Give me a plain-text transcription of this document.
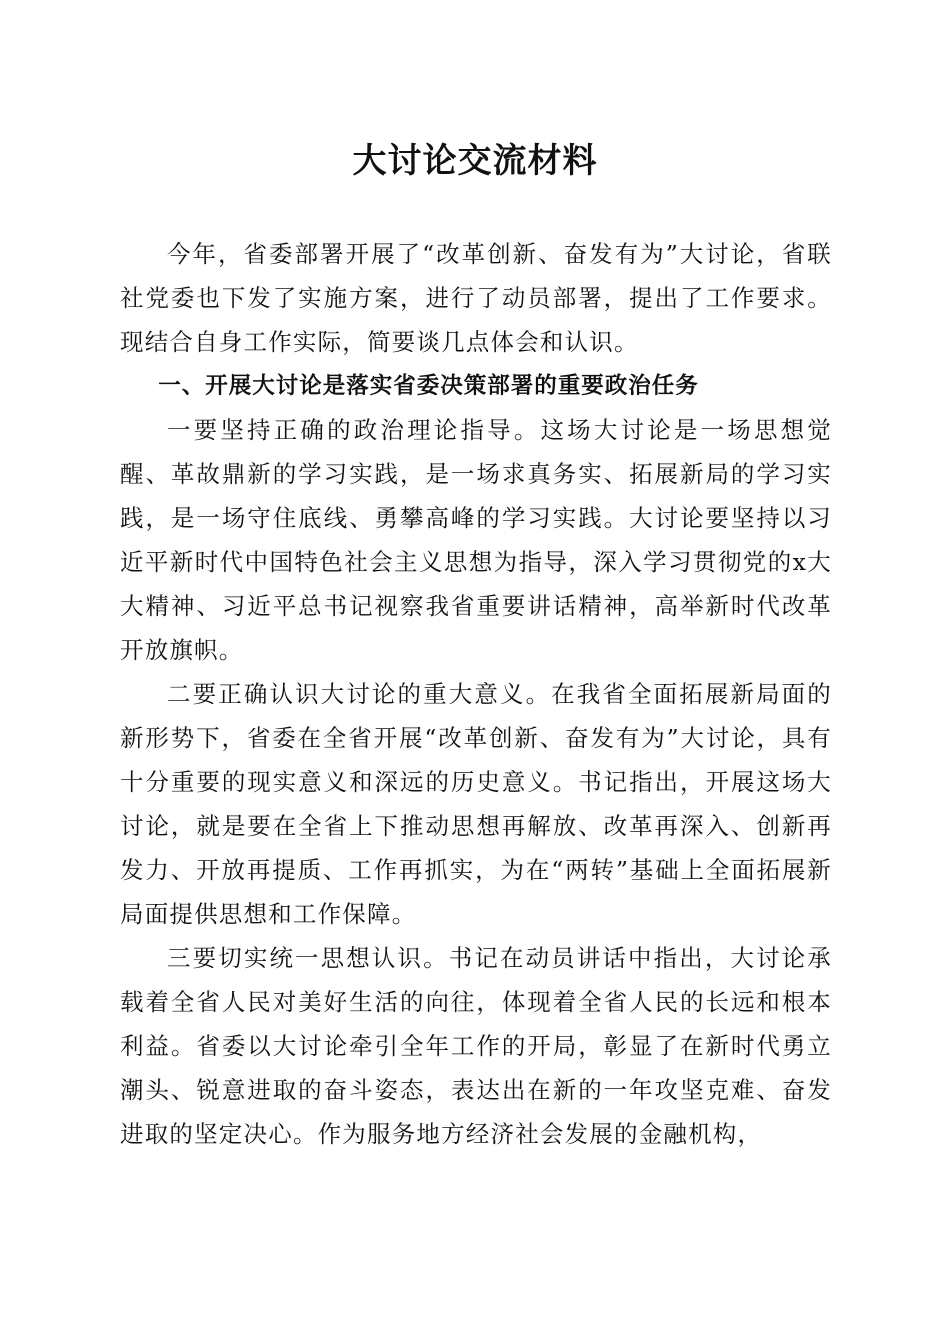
大讨论交流材料

今年，省委部署开展了“改革创新、奋发有为”大讨论，省联社党委也下发了实施方案，进行了动员部署，提出了工作要求。现结合自身工作实际，简要谈几点体会和认识。

一、开展大讨论是落实省委决策部署的重要政治任务

一要坚持正确的政治理论指导。这场大讨论是一场思想觉醒、革故鼎新的学习实践，是一场求真务实、拓展新局的学习实践，是一场守住底线、勇攀高峰的学习实践。大讨论要坚持以习近平新时代中国特色社会主义思想为指导，深入学习贯彻党的x大大精神、习近平总书记视察我省重要讲话精神，高举新时代改革开放旗帜。

二要正确认识大讨论的重大意义。在我省全面拓展新局面的新形势下，省委在全省开展“改革创新、奋发有为”大讨论，具有十分重要的现实意义和深远的历史意义。书记指出，开展这场大讨论，就是要在全省上下推动思想再解放、改革再深入、创新再发力、开放再提质、工作再抓实，为在“两转”基础上全面拓展新局面提供思想和工作保障。

三要切实统一思想认识。书记在动员讲话中指出，大讨论承载着全省人民对美好生活的向往，体现着全省人民的长远和根本利益。省委以大讨论牵引全年工作的开局，彰显了在新时代勇立潮头、锐意进取的奋斗姿态，表达出在新的一年攻坚克难、奋发进取的坚定决心。作为服务地方经济社会发展的金融机构，
